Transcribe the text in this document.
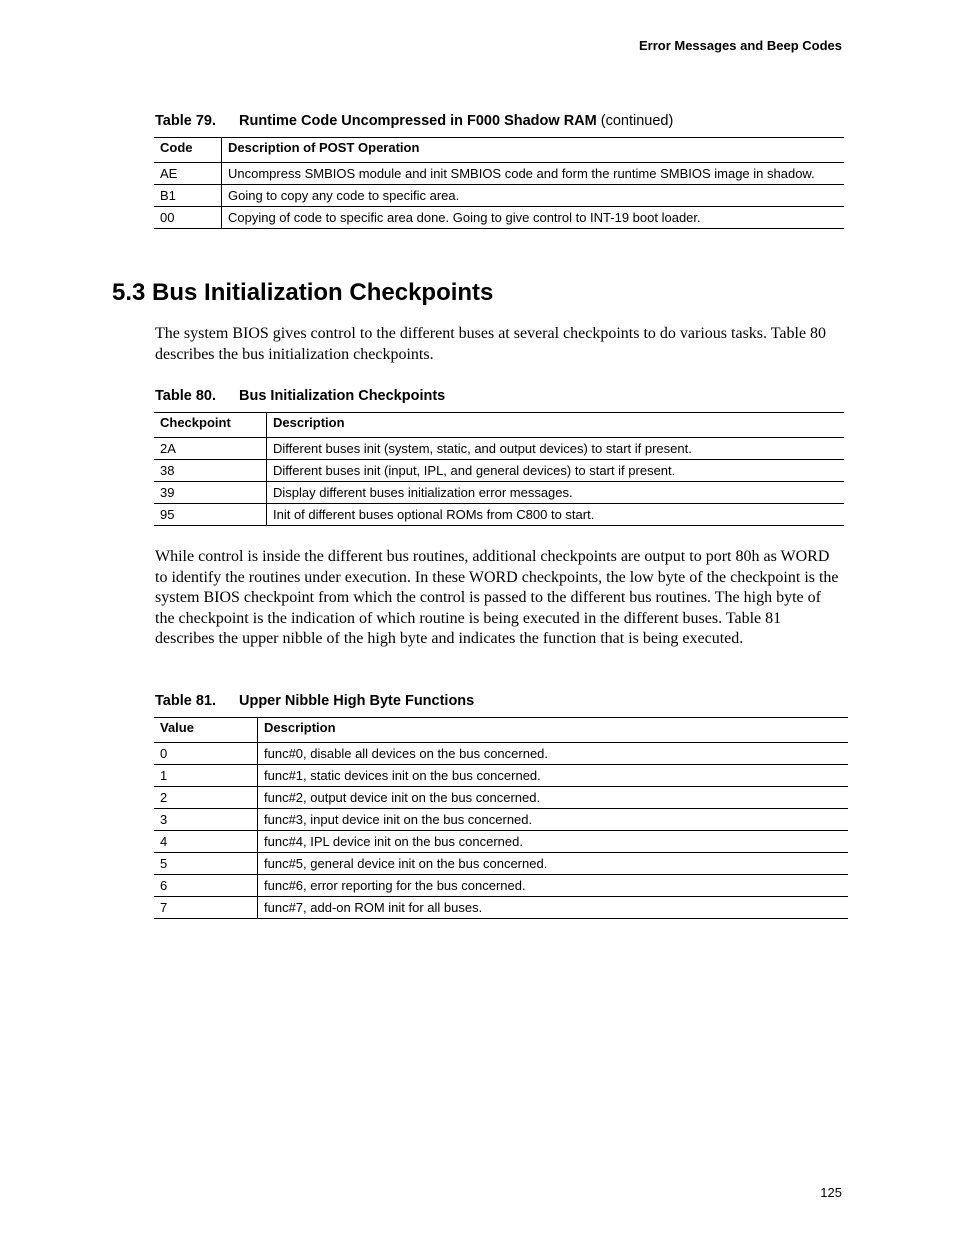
Error Messages and Beep Codes
Table 79. Runtime Code Uncompressed in F000 Shadow RAM (continued)
Code	Description of POST Operation
AE	Uncompress SMBIOS module and init SMBIOS code and form the runtime SMBIOS image in shadow.
B1	Going to copy any code to specific area.
00	Copying of code to specific area done. Going to give control to INT-19 boot loader.
5.3 Bus Initialization Checkpoints

The system BIOS gives control to the different buses at several checkpoints to do various tasks. Table 80 describes the bus initialization checkpoints.

Table 80. Bus Initialization Checkpoints
Checkpoint	Description
2A	Different buses init (system, static, and output devices) to start if present.
38	Different buses init (input, IPL, and general devices) to start if present.
39	Display different buses initialization error messages.
95	Init of different buses optional ROMs from C800 to start.

While control is inside the different bus routines, additional checkpoints are output to port 80h as WORD to identify the routines under execution. In these WORD checkpoints, the low byte of the checkpoint is the system BIOS checkpoint from which the control is passed to the different bus routines. The high byte of the checkpoint is the indication of which routine is being executed in the different buses. Table 81 describes the upper nibble of the high byte and indicates the function that is being executed.

Table 81. Upper Nibble High Byte Functions
Value	Description
0	func#0, disable all devices on the bus concerned.
1	func#1, static devices init on the bus concerned.
2	func#2, output device init on the bus concerned.
3	func#3, input device init on the bus concerned.
4	func#4, IPL device init on the bus concerned.
5	func#5, general device init on the bus concerned.
6	func#6, error reporting for the bus concerned.
7	func#7, add-on ROM init for all buses.
125
